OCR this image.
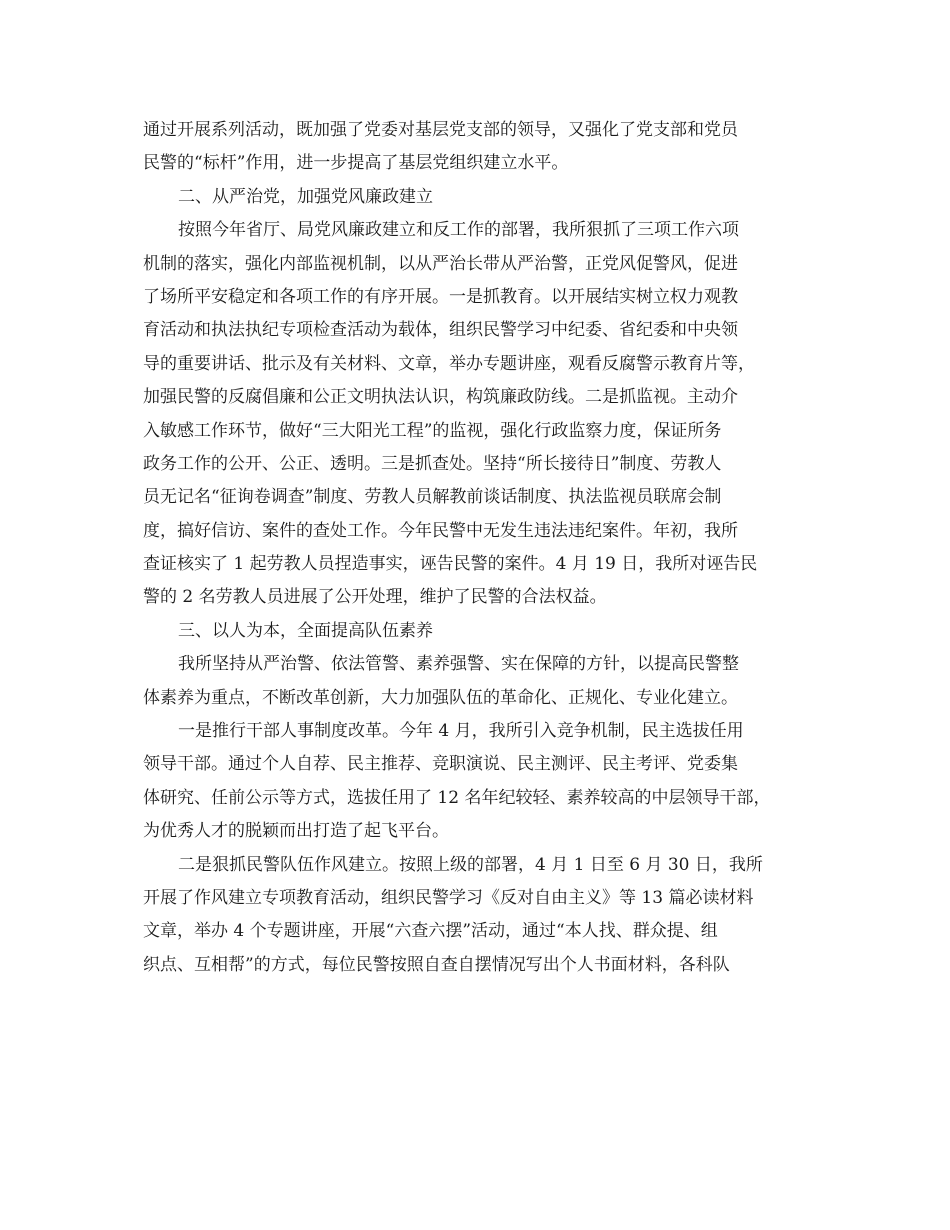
通过开展系列活动，既加强了党委对基层党支部的领导，又强化了党支部和党员
民警的“标杆”作用，进一步提高了基层党组织建立水平。
二、从严治党，加强党风廉政建立
按照今年省厅、局党风廉政建立和反工作的部署，我所狠抓了三项工作六项
机制的落实，强化内部监视机制，以从严治长带从严治警，正党风促警风，促进
了场所平安稳定和各项工作的有序开展。一是抓教育。以开展结实树立权力观教
育活动和执法执纪专项检查活动为载体，组织民警学习中纪委、省纪委和中央领
导的重要讲话、批示及有关材料、文章，举办专题讲座，观看反腐警示教育片等，
加强民警的反腐倡廉和公正文明执法认识，构筑廉政防线。二是抓监视。主动介
入敏感工作环节，做好“三大阳光工程”的监视，强化行政监察力度，保证所务
政务工作的公开、公正、透明。三是抓查处。坚持“所长接待日”制度、劳教人
员无记名“征询卷调查”制度、劳教人员解教前谈话制度、执法监视员联席会制
度，搞好信访、案件的查处工作。今年民警中无发生违法违纪案件。年初，我所
查证核实了 1 起劳教人员捏造事实，诬告民警的案件。4 月 19 日，我所对诬告民
警的 2 名劳教人员进展了公开处理，维护了民警的合法权益。
三、以人为本，全面提高队伍素养
我所坚持从严治警、依法管警、素养强警、实在保障的方针，以提高民警整
体素养为重点，不断改革创新，大力加强队伍的革命化、正规化、专业化建立。
一是推行干部人事制度改革。今年 4 月，我所引入竞争机制，民主选拔任用
领导干部。通过个人自荐、民主推荐、竞职演说、民主测评、民主考评、党委集
体研究、任前公示等方式，选拔任用了 12 名年纪较轻、素养较高的中层领导干部，
为优秀人才的脱颖而出打造了起飞平台。
二是狠抓民警队伍作风建立。按照上级的部署，4 月 1 日至 6 月 30 日，我所
开展了作风建立专项教育活动，组织民警学习《反对自由主义》等 13 篇必读材料
文章，举办 4 个专题讲座，开展“六查六摆”活动，通过“本人找、群众提、组
织点、互相帮”的方式，每位民警按照自查自摆情况写出个人书面材料，各科队
